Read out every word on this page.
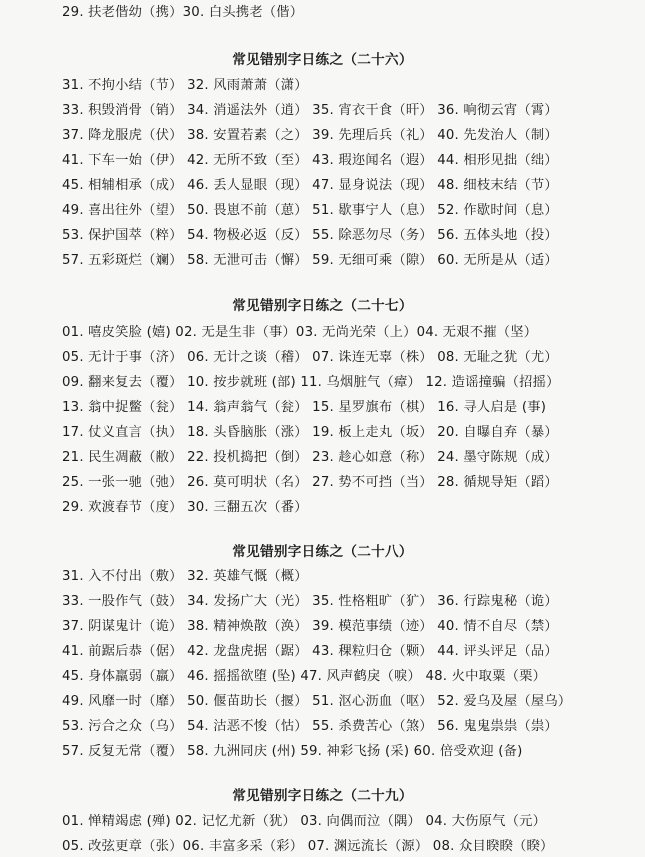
29. 扶老偕幼（携）30. 白头携老（偕）
常见错别字日练之（二十六）
31. 不拘小结（节） 32. 风雨萧萧（潇）
33. 积毁消骨（销） 34. 消遥法外（逍） 35. 宵衣干食（旰） 36. 响彻云宵（霄）
37. 降龙服虎（伏） 38. 安置若素（之） 39. 先理后兵（礼） 40. 先发治人（制）
41. 下车一始（伊） 42. 无所不致（至） 43. 瑕迩闻名（遐） 44. 相形见拙（绌）
45. 相辅相承（成） 46. 丢人显眼（现） 47. 显身说法（现） 48. 细枝末结（节）
49. 喜出往外（望） 50. 畏崽不前（葸） 51. 歇事宁人（息） 52. 作歇时间（息）
53. 保护国萃（粹） 54. 物极必返（反） 55. 除恶勿尽（务） 56. 五体头地（投）
57. 五彩斑烂（斓） 58. 无泄可击（懈） 59. 无细可乘（隙） 60. 无所是从（适）
常见错别字日练之（二十七）
01. 嘻皮笑脸 (嬉) 02. 无是生非（事）03. 无尚光荣（上）04. 无艰不摧（坚）
05. 无计于事（济） 06. 无计之谈（稽） 07. 诛连无辜（株） 08. 无耻之犹（尤）
09. 翻来复去（覆） 10. 按步就班 (部) 11. 乌烟脏气（瘴） 12. 造谣撞骗（招摇）
13. 翁中捉鳖（瓮） 14. 翁声翁气（瓮） 15. 星罗旗布（棋） 16. 寻人启是 (事)
17. 仗义直言（执） 18. 头昏脑胀（涨） 19. 板上走丸（坂） 20. 自曝自弃（暴）
21. 民生凋蔽（敝） 22. 投机捣把（倒） 23. 趁心如意（称） 24. 墨守陈规（成）
25. 一张一驰（弛） 26. 莫可明状（名） 27. 势不可挡（当） 28. 循规导矩（蹈）
29. 欢渡春节（度） 30. 三翻五次（番）
常见错别字日练之（二十八）
31. 入不付出（敷） 32. 英雄气慨（概）
33. 一股作气（鼓） 34. 发扬广大（光） 35. 性格粗旷（犷） 36. 行踪鬼秘（诡）
37. 阴谋鬼计（诡） 38. 精神焕散（涣） 39. 模范事绩（迹） 40. 情不自尽（禁）
41. 前踞后恭（倨） 42. 龙盘虎据（踞） 43. 稞粒归仓（颗） 44. 评头评足（品）
45. 身体羸弱（羸） 46. 摇摇欲堕 (坠) 47. 风声鹤戾（唳） 48. 火中取粟（栗）
49. 风靡一时（靡） 50. 偃苗助长（揠） 51. 沤心沥血（呕） 52. 爱乌及屋（屋乌）
53. 污合之众（乌） 54. 沽恶不悛（怙） 55. 杀费苦心（煞） 56. 鬼鬼祟祟（祟）
57. 反复无常（覆） 58. 九洲同庆 (州) 59. 神彩飞扬 (采) 60. 倍受欢迎 (备)
常见错别字日练之（二十九）
01. 惮精竭虑 (殚) 02. 记忆尤新（犹） 03. 向偶而泣（隅） 04. 大伤原气（元）
05. 改弦更章（张）06. 丰富多采（彩） 07. 渊远流长（源） 08. 众目睽睽（睽）
